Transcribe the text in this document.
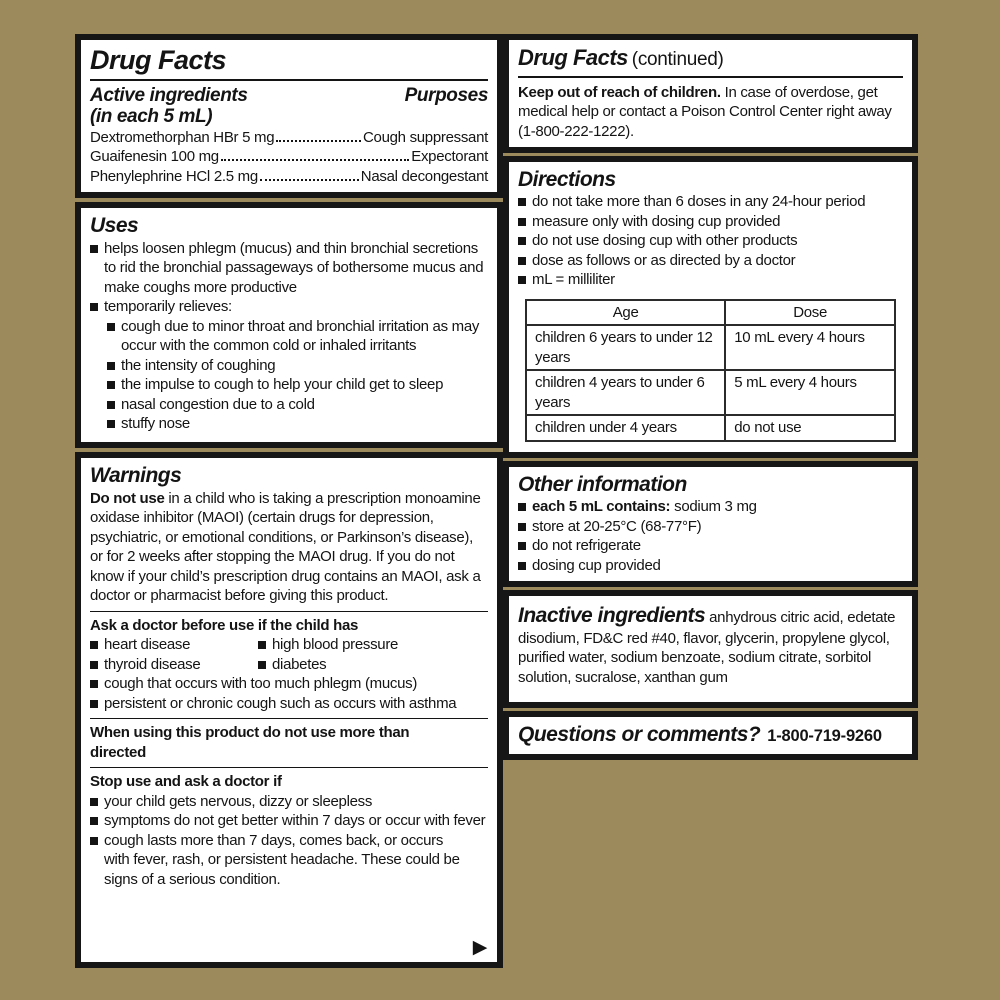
Drug Facts
Active ingredients	Purposes
(in each 5 mL)
Dextromethorphan HBr 5 mg	Cough suppressant
Guaifenesin 100 mg	Expectorant
Phenylephrine HCl 2.5 mg	Nasal decongestant
Uses
helps loosen phlegm (mucus) and thin bronchial secretions to rid the bronchial passageways of bothersome mucus and make coughs more productive
temporarily relieves:
cough due to minor throat and bronchial irritation as may occur with the common cold or inhaled irritants
the intensity of coughing
the impulse to cough to help your child get to sleep
nasal congestion due to a cold
stuffy nose
Warnings
Do not use in a child who is taking a prescription monoamine oxidase inhibitor (MAOI) (certain drugs for depression, psychiatric, or emotional conditions, or Parkinson’s disease), or for 2 weeks after stopping the MAOI drug. If you do not know if your child’s prescription drug contains an MAOI, ask a doctor or pharmacist before giving this product.
Ask a doctor before use if the child has
heart disease	high blood pressure
thyroid disease	diabetes
cough that occurs with too much phlegm (mucus)
persistent or chronic cough such as occurs with asthma
When using this product do not use more than directed
Stop use and ask a doctor if
your child gets nervous, dizzy or sleepless
symptoms do not get better within 7 days or occur with fever
cough lasts more than 7 days, comes back, or occurs with fever, rash, or persistent headache. These could be signs of a serious condition.
▶
Drug Facts (continued)
Keep out of reach of children. In case of overdose, get medical help or contact a Poison Control Center right away (1-800-222-1222).
Directions
do not take more than 6 doses in any 24-hour period
measure only with dosing cup provided
do not use dosing cup with other products
dose as follows or as directed by a doctor
mL = milliliter
Age	Dose
children 6 years to under 12 years	10 mL every 4 hours
children 4 years to under 6 years	5 mL every 4 hours
children under 4 years	do not use
Other information
each 5 mL contains: sodium 3 mg
store at 20-25°C (68-77°F)
do not refrigerate
dosing cup provided
Inactive ingredients anhydrous citric acid, edetate disodium, FD&C red #40, flavor, glycerin, propylene glycol, purified water, sodium benzoate, sodium citrate, sorbitol solution, sucralose, xanthan gum
Questions or comments? 1-800-719-9260
